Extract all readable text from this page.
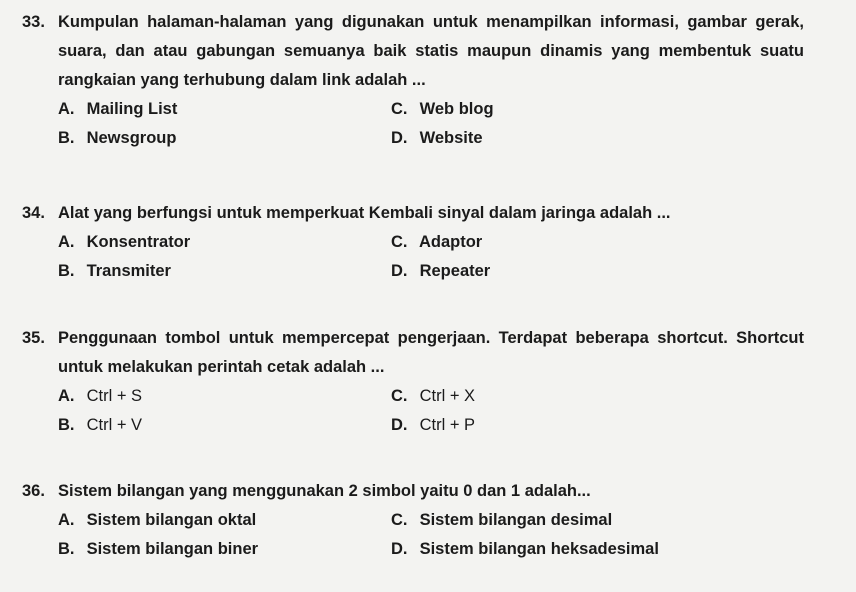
33. Kumpulan halaman-halaman yang digunakan untuk menampilkan informasi, gambar gerak, suara, dan atau gabungan semuanya baik statis maupun dinamis yang membentuk suatu rangkaian yang terhubung dalam link adalah ...
A. Mailing List	C. Web blog
B. Newsgroup	D. Website
34. Alat yang berfungsi untuk memperkuat Kembali sinyal dalam jaringa adalah ...
A. Konsentrator	C. Adaptor
B. Transmiter	D. Repeater
35. Penggunaan tombol untuk mempercepat pengerjaan. Terdapat beberapa shortcut. Shortcut untuk melakukan perintah cetak adalah ...
A. Ctrl + S	C. Ctrl + X
B. Ctrl + V	D. Ctrl + P
36. Sistem bilangan yang menggunakan 2 simbol yaitu 0 dan 1 adalah...
A. Sistem bilangan oktal	C. Sistem bilangan desimal
B. Sistem bilangan biner	D. Sistem bilangan heksadesimal
